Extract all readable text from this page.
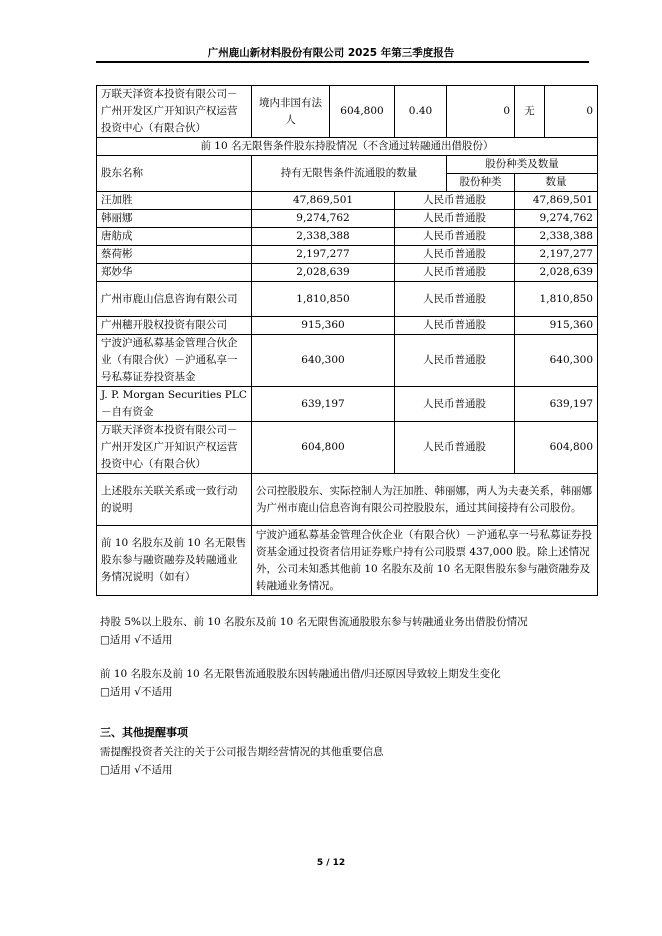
广州鹿山新材料股份有限公司 2025 年第三季度报告
万联天泽资本投资有限公司－广州开发区广开知识产权运营投资中心（有限合伙）	境内非国有法人	604,800	0.40	0	无	0
前 10 名无限售条件股东持股情况（不含通过转融通出借股份）						
股东名称	持有无限售条件流通股的数量			股份种类及数量		
				股份种类	数量	
汪加胜	47,869,501		人民币普通股		47,869,501	
韩丽娜	9,274,762		人民币普通股		9,274,762	
唐舫成	2,338,388		人民币普通股		2,338,388	
蔡荷彬	2,197,277		人民币普通股		2,197,277	
郑妙华	2,028,639		人民币普通股		2,028,639	
广州市鹿山信息咨询有限公司	1,810,850		人民币普通股		1,810,850	
广州穗开股权投资有限公司	915,360		人民币普通股		915,360	
宁波沪通私募基金管理合伙企业（有限合伙）－沪通私享一号私募证券投资基金	640,300		人民币普通股		640,300	
J. P. Morgan Securities PLC－自有资金	639,197		人民币普通股		639,197	
万联天泽资本投资有限公司－广州开发区广开知识产权运营投资中心（有限合伙）	604,800		人民币普通股		604,800	
上述股东关联关系或一致行动的说明	公司控股股东、实际控制人为汪加胜、韩丽娜，两人为夫妻关系，韩丽娜为广州市鹿山信息咨询有限公司控股股东，通过其间接持有公司股份。					
前 10 名股东及前 10 名无限售股东参与融资融券及转融通业务情况说明（如有）	宁波沪通私募基金管理合伙企业（有限合伙）－沪通私享一号私募证券投资基金通过投资者信用证券账户持有公司股票 437,000 股。除上述情况外，公司未知悉其他前 10 名股东及前 10 名无限售股东参与融资融券及转融通业务情况。					
持股 5%以上股东、前 10 名股东及前 10 名无限售流通股股东参与转融通业务出借股份情况
□适用 √不适用
前 10 名股东及前 10 名无限售流通股股东因转融通出借/归还原因导致较上期发生变化
□适用 √不适用
三、其他提醒事项
需提醒投资者关注的关于公司报告期经营情况的其他重要信息
□适用 √不适用
5 / 12
